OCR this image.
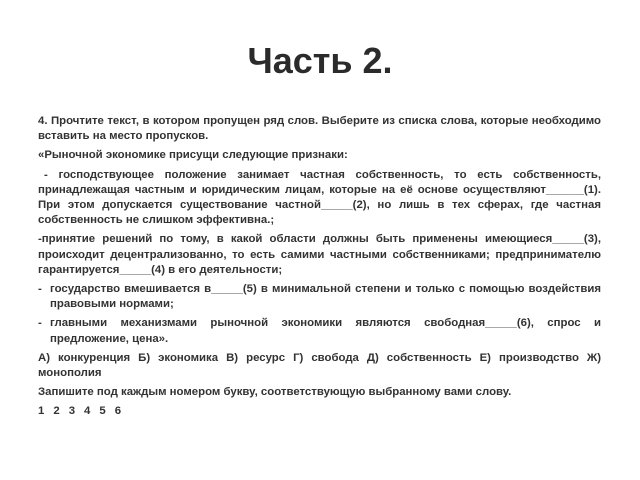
Часть 2.

4. Прочтите текст, в котором пропущен ряд слов. Выберите из списка слова, которые необходимо вставить на место пропусков.

«Рыночной экономике присущи следующие признаки:

- господствующее положение занимает частная собственность, то есть собственность, принадлежащая частным и юридическим лицам, которые на её основе осуществляют______(1). При этом допускается существование частной_____(2), но лишь в тех сферах, где частная собственность не слишком эффективна.;

-принятие решений по тому, в какой области должны быть применены имеющиеся_____(3), происходит децентрализованно, то есть самими частными собственниками; предпринимателю гарантируется_____(4) в его деятельности;

- государство вмешивается в_____(5) в минимальной степени и только с помощью воздействия правовыми нормами;
- главными механизмами рыночной экономики являются свободная_____(6), спрос и предложение, цена».

А) конкуренция Б) экономика В) ресурс Г) свобода Д) собственность Е) производство Ж) монополия

Запишите под каждым номером букву, соответствующую выбранному вами слову.

1 2 3 4 5 6
